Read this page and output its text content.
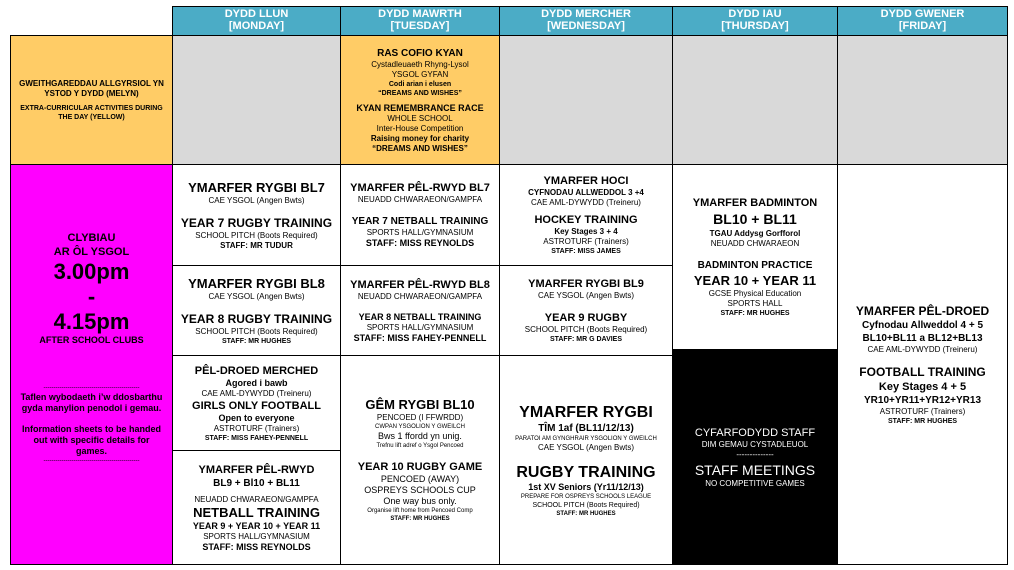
DYDD LLUN
[MONDAY]
DYDD MAWRTH
[TUESDAY]
DYDD MERCHER
[WEDNESDAY]
DYDD IAU
[THURSDAY]
DYDD GWENER
[FRIDAY]
GWEITHGAREDDAU ALLGYRSIOL YN YSTOD Y DYDD (MELYN)
EXTRA-CURRICULAR ACTIVITIES DURING THE DAY (YELLOW)
RAS COFIO KYAN
Cystadleuaeth Rhyng-Lysol
YSGOL GYFAN
Codi arian i elusen
“DREAMS AND WISHES”
KYAN REMEMBRANCE RACE
WHOLE SCHOOL
Inter-House Competition
Raising money for charity
“DREAMS AND WISHES”
CLYBIAU
AR ÔL YSGOL
3.00pm
-
4.15pm
AFTER SCHOOL CLUBS
------------------------------------------------
Taflen wybodaeth i’w ddosbarthu gyda manylion penodol i gemau.
Information sheets to be handed out with specific details for games.
------------------------------------------------
YMARFER RYGBI BL7
CAE YSGOL (Angen Bwts)
YEAR 7 RUGBY TRAINING
SCHOOL PITCH (Boots Required)
STAFF: MR TUDUR
YMARFER RYGBI BL8
CAE YSGOL (Angen Bwts)
YEAR 8 RUGBY TRAINING
SCHOOL PITCH (Boots Required)
STAFF: MR HUGHES
PÊL-DROED MERCHED
Agored i bawb
CAE AML-DYWYDD (Treineru)
GIRLS ONLY FOOTBALL
Open to everyone
ASTROTURF (Trainers)
STAFF: MISS FAHEY-PENNELL
YMARFER PÊL-RWYD
BL9 + Bl10 + BL11
NEUADD CHWARAEON/GAMPFA
NETBALL TRAINING
YEAR 9 + YEAR 10 + YEAR 11
SPORTS HALL/GYMNASIUM
STAFF: MISS REYNOLDS
YMARFER PÊL-RWYD BL7
NEUADD CHWARAEON/GAMPFA
YEAR 7 NETBALL TRAINING
SPORTS HALL/GYMNASIUM
STAFF: MISS REYNOLDS
YMARFER PÊL-RWYD BL8
NEUADD CHWARAEON/GAMPFA
YEAR 8 NETBALL TRAINING
SPORTS HALL/GYMNASIUM
STAFF: MISS FAHEY-PENNELL
GÊM RYGBI BL10
PENCOED (I FFWRDD)
CWPAN YSGOLION Y GWEILCH
Bws 1 ffordd yn unig.
Trefnu lift adref o Ysgol Pencoed
YEAR 10 RUGBY GAME
PENCOED (AWAY)
OSPREYS SCHOOLS CUP
One way bus only.
Organise lift home from Pencoed Comp
STAFF: MR HUGHES
YMARFER HOCI
CYFNODAU ALLWEDDOL 3 +4
CAE AML-DYWYDD (Treineru)
HOCKEY TRAINING
Key Stages 3 + 4
ASTROTURF (Trainers)
STAFF: MISS JAMES
YMARFER RYGBI BL9
CAE YSGOL (Angen Bwts)
YEAR 9 RUGBY
SCHOOL PITCH (Boots Required)
STAFF: MR G DAVIES
YMARFER RYGBI
TÎM 1af (BL11/12/13)
PARATOI AM GYNGHRAIR YSGOLION Y GWEILCH
CAE YSGOL (Angen Bwts)
RUGBY TRAINING
1st XV Seniors (Yr11/12/13)
PREPARE FOR OSPREYS SCHOOLS LEAGUE
SCHOOL PITCH (Boots Required)
STAFF: MR HUGHES
YMARFER BADMINTON
BL10 + BL11
TGAU Addysg Gorfforol
NEUADD CHWARAEON
BADMINTON PRACTICE
YEAR 10 + YEAR 11
GCSE Physical Education
SPORTS HALL
STAFF: MR HUGHES
CYFARFODYDD STAFF
DIM GEMAU CYSTADLEUOL
--------------
STAFF MEETINGS
NO COMPETITIVE GAMES
YMARFER PÊL-DROED
Cyfnodau Allweddol 4 + 5
BL10+BL11 a BL12+BL13
CAE AML-DYWYDD (Treineru)
FOOTBALL TRAINING
Key Stages 4 + 5
YR10+YR11+YR12+YR13
ASTROTURF (Trainers)
STAFF: MR HUGHES
